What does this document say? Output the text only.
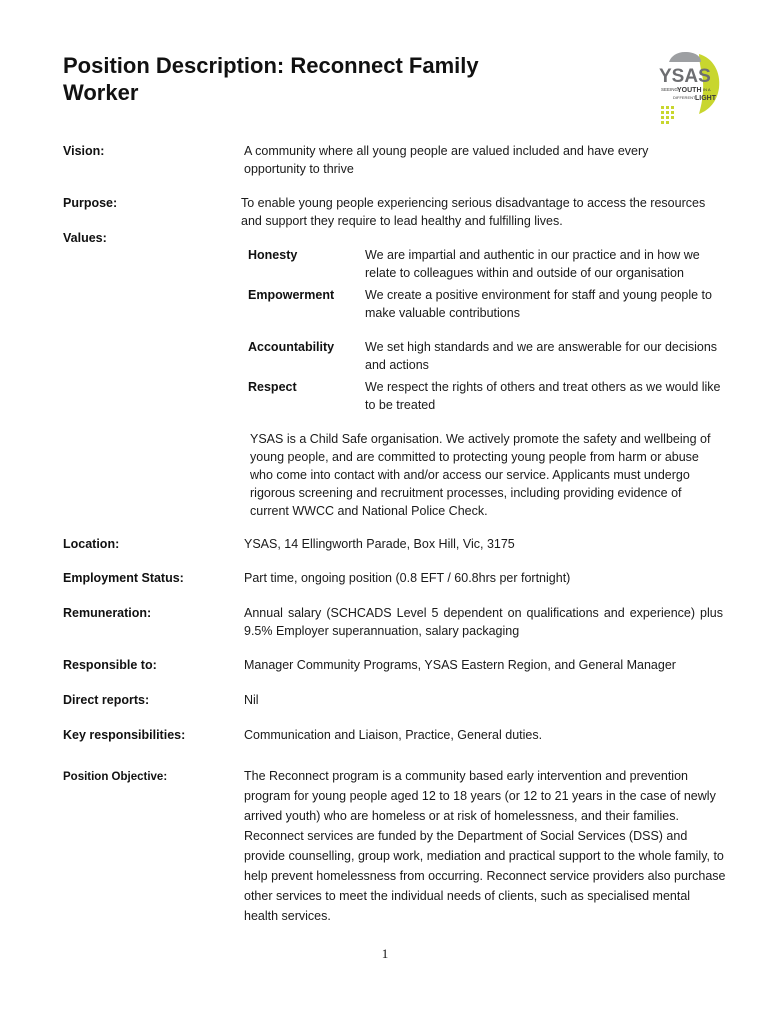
Position Description: Reconnect Family
Worker
YSAS
SEEING
YOUTH IN A
DIFFERENT LIGHT
Vision:	A community where all young people are valued included and have every opportunity to thrive
Purpose:	To enable young people experiencing serious disadvantage to access the resources and support they require to lead healthy and fulfilling lives.
Values:
Honesty	We are impartial and authentic in our practice and in how we relate to colleagues within and outside of our organisation
Empowerment We create a positive environment for staff and young people to make valuable contributions
Accountability We set high standards and we are answerable for our decisions and actions
Respect	We respect the rights of others and treat others as we would like to be treated
YSAS is a Child Safe organisation. We actively promote the safety and wellbeing of young people, and are committed to protecting young people from harm or abuse who come into contact with and/or access our service. Applicants must undergo rigorous screening and recruitment processes, including providing evidence of current WWCC and National Police Check.
Location:	YSAS, 14 Ellingworth Parade, Box Hill, Vic, 3175
Employment Status:	Part time, ongoing position (0.8 EFT / 60.8hrs per fortnight)
Remuneration:	Annual salary (SCHCADS Level 5 dependent on qualifications and experience) plus 9.5% Employer superannuation, salary packaging
Responsible to:	Manager Community Programs, YSAS Eastern Region, and General Manager
Direct reports:	Nil
Key responsibilities:	Communication and Liaison, Practice, General duties.
Position Objective:	The Reconnect program is a community based early intervention and prevention program for young people aged 12 to 18 years (or 12 to 21 years in the case of newly arrived youth) who are homeless or at risk of homelessness, and their families. Reconnect services are funded by the Department of Social Services (DSS) and provide counselling, group work, mediation and practical support to the whole family, to help prevent homelessness from occurring. Reconnect service providers also purchase other services to meet the individual needs of clients, such as specialised mental health services.
1
